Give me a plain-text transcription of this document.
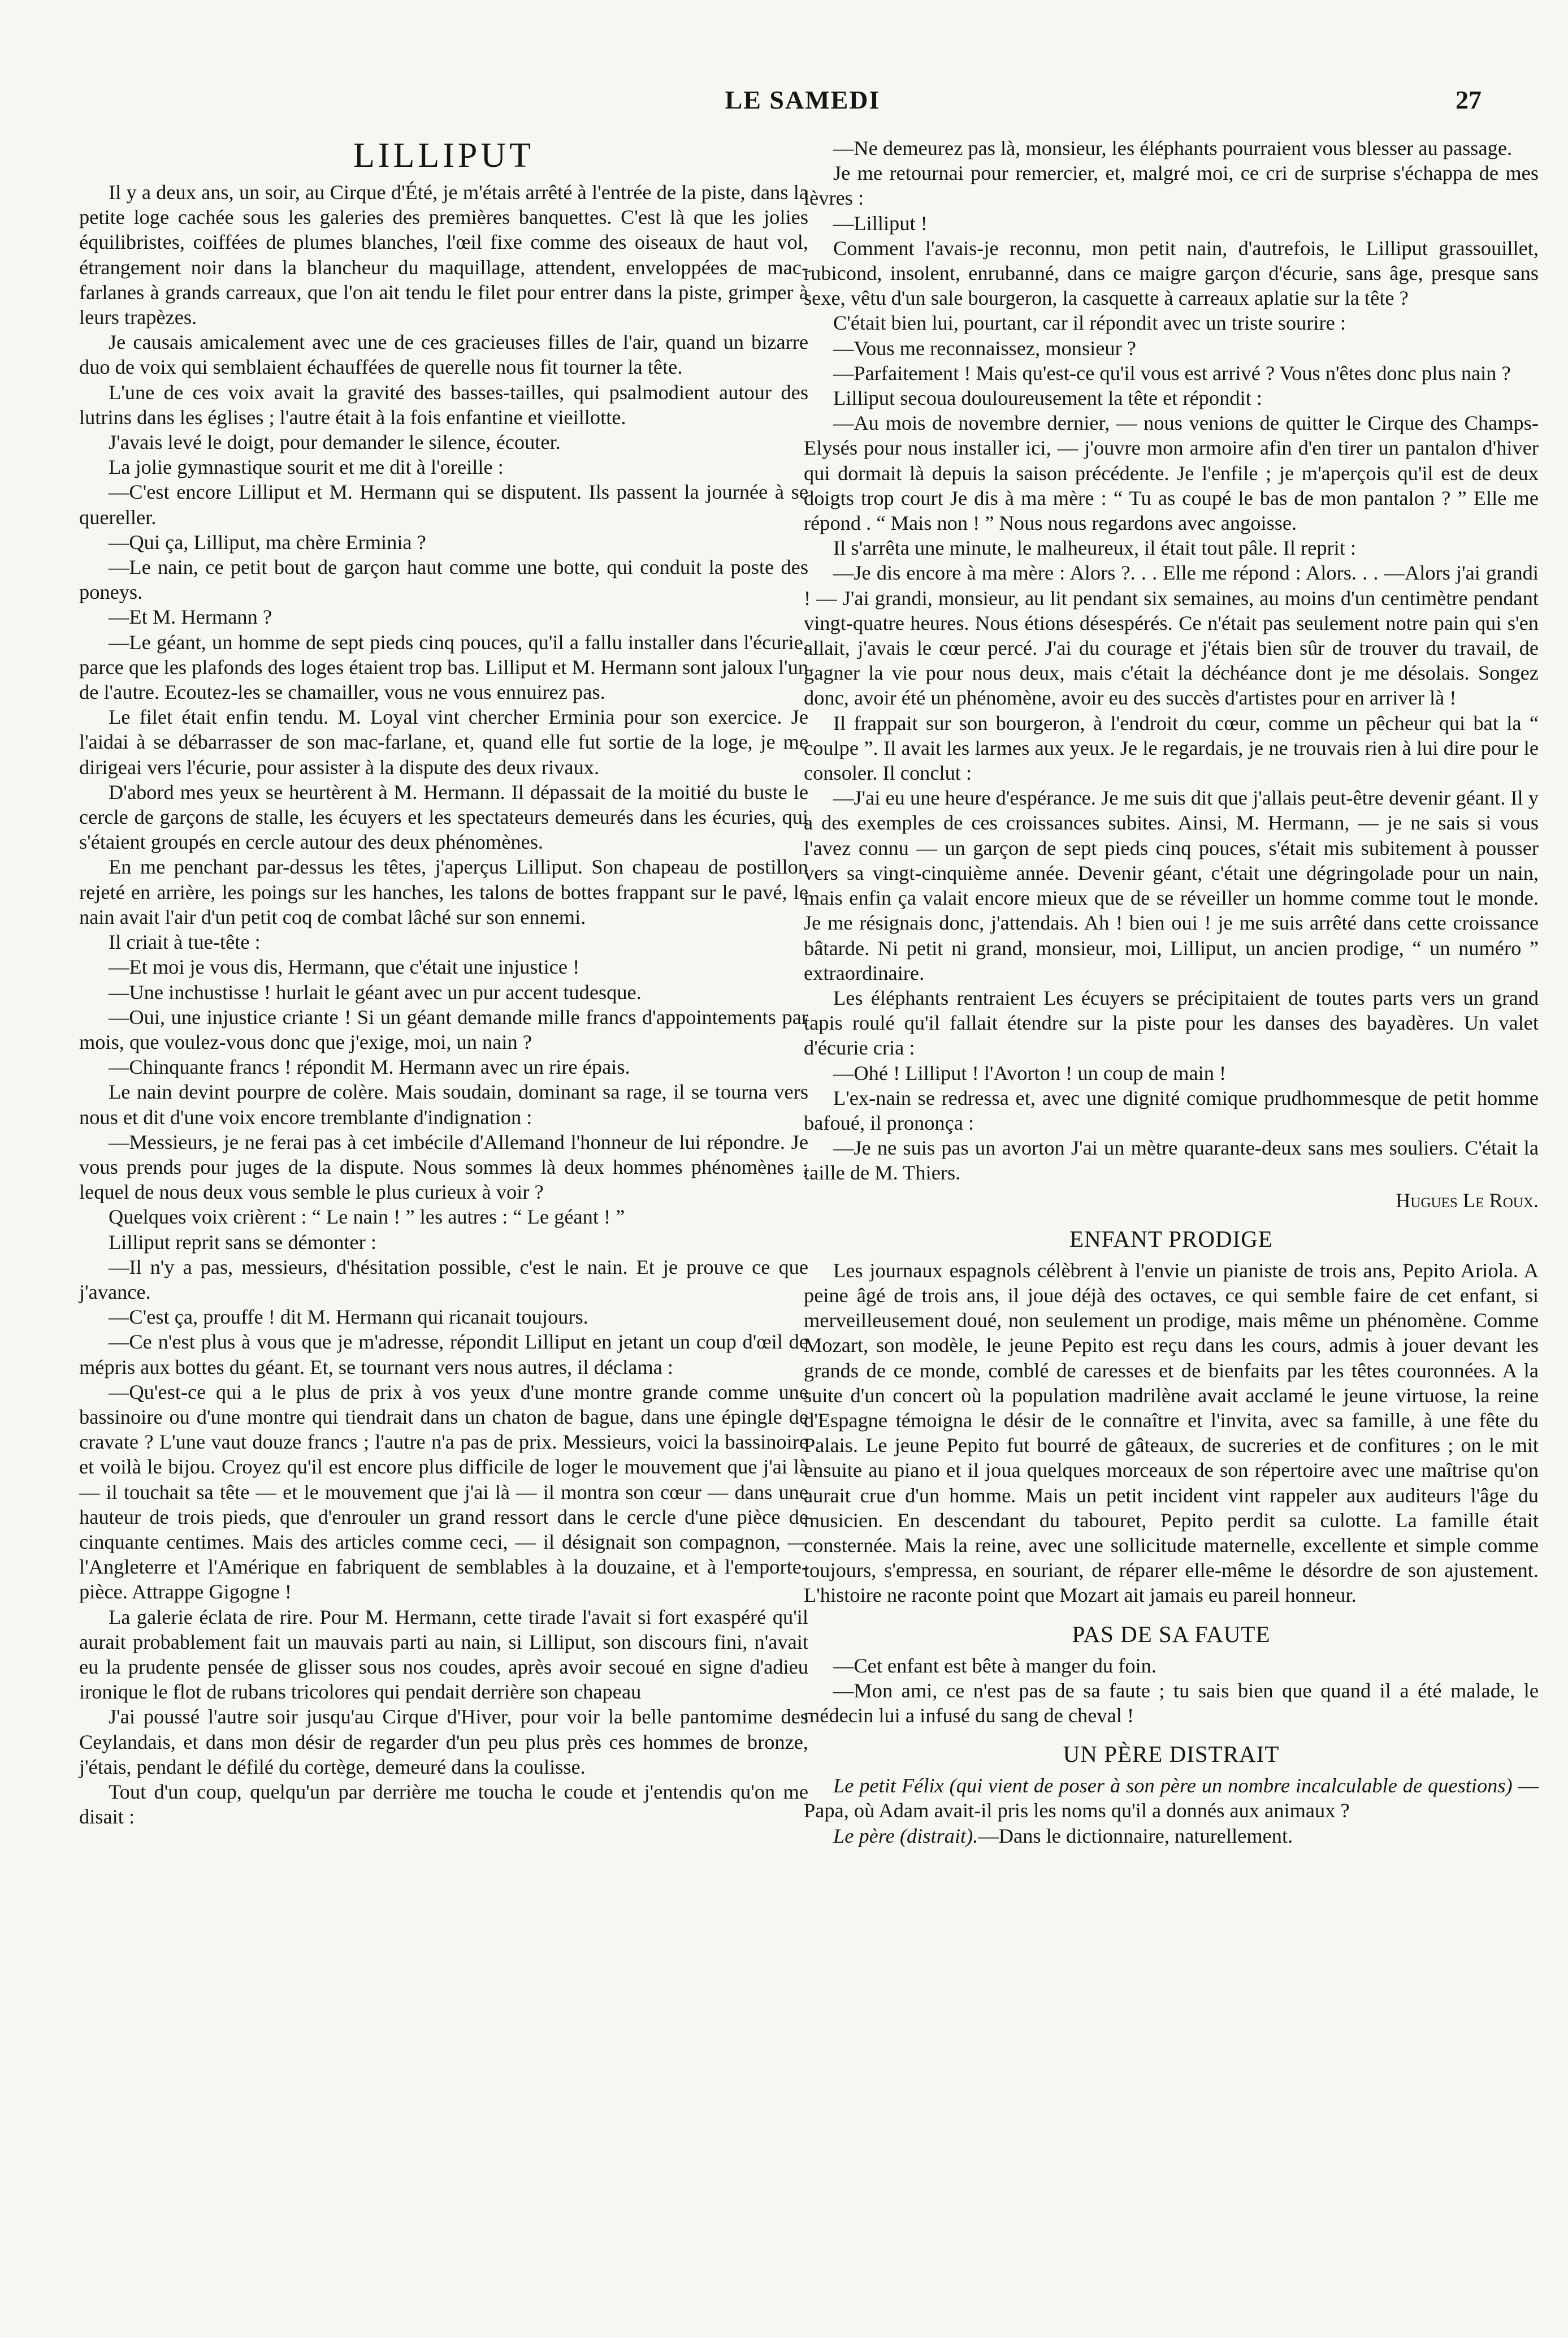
LE SAMEDI	27
LILLIPUT

Il y a deux ans, un soir, au Cirque d'Été, je m'étais arrêté à l'entrée de la piste, dans la petite loge cachée sous les galeries des premières banquettes. C'est là que les jolies équilibristes, coiffées de plumes blanches, l'œil fixe comme des oiseaux de haut vol, étrangement noir dans la blancheur du maquillage, attendent, enveloppées de mac-farlanes à grands carreaux, que l'on ait tendu le filet pour entrer dans la piste, grimper à leurs trapèzes.

Je causais amicalement avec une de ces gracieuses filles de l'air, quand un bizarre duo de voix qui semblaient échauffées de querelle nous fit tourner la tête.

L'une de ces voix avait la gravité des basses-tailles, qui psalmodient autour des lutrins dans les églises ; l'autre était à la fois enfantine et vieillotte.

J'avais levé le doigt, pour demander le silence, écouter.

La jolie gymnastique sourit et me dit à l'oreille :

—C'est encore Lilliput et M. Hermann qui se disputent. Ils passent la journée à se quereller.

—Qui ça, Lilliput, ma chère Erminia ?

—Le nain, ce petit bout de garçon haut comme une botte, qui conduit la poste des poneys.

—Et M. Hermann ?

—Le géant, un homme de sept pieds cinq pouces, qu'il a fallu installer dans l'écurie, parce que les plafonds des loges étaient trop bas. Lilliput et M. Hermann sont jaloux l'un de l'autre. Ecoutez-les se chamailler, vous ne vous ennuirez pas.

Le filet était enfin tendu. M. Loyal vint chercher Erminia pour son exercice. Je l'aidai à se débarrasser de son mac-farlane, et, quand elle fut sortie de la loge, je me dirigeai vers l'écurie, pour assister à la dispute des deux rivaux.

D'abord mes yeux se heurtèrent à M. Hermann. Il dépassait de la moitié du buste le cercle de garçons de stalle, les écuyers et les spectateurs demeurés dans les écuries, qui s'étaient groupés en cercle autour des deux phénomènes.

En me penchant par-dessus les têtes, j'aperçus Lilliput. Son chapeau de postillon rejeté en arrière, les poings sur les hanches, les talons de bottes frappant sur le pavé, le nain avait l'air d'un petit coq de combat lâché sur son ennemi.

Il criait à tue-tête :

—Et moi je vous dis, Hermann, que c'était une injustice !

—Une inchustisse ! hurlait le géant avec un pur accent tudesque.

—Oui, une injustice criante ! Si un géant demande mille francs d'appointements par mois, que voulez-vous donc que j'exige, moi, un nain ?

—Chinquante francs ! répondit M. Hermann avec un rire épais.

Le nain devint pourpre de colère. Mais soudain, dominant sa rage, il se tourna vers nous et dit d'une voix encore tremblante d'indignation :

—Messieurs, je ne ferai pas à cet imbécile d'Allemand l'honneur de lui répondre. Je vous prends pour juges de la dispute. Nous sommes là deux hommes phénomènes ; lequel de nous deux vous semble le plus curieux à voir ?

Quelques voix crièrent : “ Le nain ! ” les autres : “ Le géant ! ”

Lilliput reprit sans se démonter :

—Il n'y a pas, messieurs, d'hésitation possible, c'est le nain. Et je prouve ce que j'avance.

—C'est ça, prouffe ! dit M. Hermann qui ricanait toujours.

—Ce n'est plus à vous que je m'adresse, répondit Lilliput en jetant un coup d'œil de mépris aux bottes du géant. Et, se tournant vers nous autres, il déclama :

—Qu'est-ce qui a le plus de prix à vos yeux d'une montre grande comme une bassinoire ou d'une montre qui tiendrait dans un chaton de bague, dans une épingle de cravate ? L'une vaut douze francs ; l'autre n'a pas de prix. Messieurs, voici la bassinoire et voilà le bijou. Croyez qu'il est encore plus difficile de loger le mouvement que j'ai là — il touchait sa tête — et le mouvement que j'ai là — il montra son cœur — dans une hauteur de trois pieds, que d'enrouler un grand ressort dans le cercle d'une pièce de cinquante centimes. Mais des articles comme ceci, — il désignait son compagnon, — l'Angleterre et l'Amérique en fabriquent de semblables à la douzaine, et à l'emporte-pièce. Attrappe Gigogne !

La galerie éclata de rire. Pour M. Hermann, cette tirade l'avait si fort exaspéré qu'il aurait probablement fait un mauvais parti au nain, si Lilliput, son discours fini, n'avait eu la prudente pensée de glisser sous nos coudes, après avoir secoué en signe d'adieu ironique le flot de rubans tricolores qui pendait derrière son chapeau

J'ai poussé l'autre soir jusqu'au Cirque d'Hiver, pour voir la belle pantomime des Ceylandais, et dans mon désir de regarder d'un peu plus près ces hommes de bronze, j'étais, pendant le défilé du cortège, demeuré dans la coulisse.

Tout d'un coup, quelqu'un par derrière me toucha le coude et j'entendis qu'on me disait :

—Ne demeurez pas là, monsieur, les éléphants pourraient vous blesser au passage.

Je me retournai pour remercier, et, malgré moi, ce cri de surprise s'échappa de mes lèvres :

—Lilliput !

Comment l'avais-je reconnu, mon petit nain, d'autrefois, le Lilliput grassouillet, rubicond, insolent, enrubanné, dans ce maigre garçon d'écurie, sans âge, presque sans sexe, vêtu d'un sale bourgeron, la casquette à carreaux aplatie sur la tête ?

C'était bien lui, pourtant, car il répondit avec un triste sourire :

—Vous me reconnaissez, monsieur ?

—Parfaitement ! Mais qu'est-ce qu'il vous est arrivé ? Vous n'êtes donc plus nain ?

Lilliput secoua douloureusement la tête et répondit :

—Au mois de novembre dernier, — nous venions de quitter le Cirque des Champs-Elysés pour nous installer ici, — j'ouvre mon armoire afin d'en tirer un pantalon d'hiver qui dormait là depuis la saison précédente. Je l'enfile ; je m'aperçois qu'il est de deux doigts trop court Je dis à ma mère : “ Tu as coupé le bas de mon pantalon ? ” Elle me répond . “ Mais non ! ” Nous nous regardons avec angoisse.

Il s'arrêta une minute, le malheureux, il était tout pâle. Il reprit :

—Je dis encore à ma mère : Alors ?. . . Elle me répond : Alors. . . —Alors j'ai grandi ! — J'ai grandi, monsieur, au lit pendant six semaines, au moins d'un centimètre pendant vingt-quatre heures. Nous étions désespérés. Ce n'était pas seulement notre pain qui s'en allait, j'avais le cœur percé. J'ai du courage et j'étais bien sûr de trouver du travail, de gagner la vie pour nous deux, mais c'était la déchéance dont je me désolais. Songez donc, avoir été un phénomène, avoir eu des succès d'artistes pour en arriver là !

Il frappait sur son bourgeron, à l'endroit du cœur, comme un pêcheur qui bat la “ coulpe ”. Il avait les larmes aux yeux. Je le regardais, je ne trouvais rien à lui dire pour le consoler. Il conclut :

—J'ai eu une heure d'espérance. Je me suis dit que j'allais peut-être devenir géant. Il y a des exemples de ces croissances subites. Ainsi, M. Hermann, — je ne sais si vous l'avez connu — un garçon de sept pieds cinq pouces, s'était mis subitement à pousser vers sa vingt-cinquième année. Devenir géant, c'était une dégringolade pour un nain, mais enfin ça valait encore mieux que de se réveiller un homme comme tout le monde. Je me résignais donc, j'attendais. Ah ! bien oui ! je me suis arrêté dans cette croissance bâtarde. Ni petit ni grand, monsieur, moi, Lilliput, un ancien prodige, “ un numéro ” extraordinaire.

Les éléphants rentraient Les écuyers se précipitaient de toutes parts vers un grand tapis roulé qu'il fallait étendre sur la piste pour les danses des bayadères. Un valet d'écurie cria :

—Ohé ! Lilliput ! l'Avorton ! un coup de main !

L'ex-nain se redressa et, avec une dignité comique prudhommesque de petit homme bafoué, il prononça :

—Je ne suis pas un avorton J'ai un mètre quarante-deux sans mes souliers. C'était la taille de M. Thiers.

Hugues Le Roux.
ENFANT PRODIGE

Les journaux espagnols célèbrent à l'envie un pianiste de trois ans, Pepito Ariola. A peine âgé de trois ans, il joue déjà des octaves, ce qui semble faire de cet enfant, si merveilleusement doué, non seulement un prodige, mais même un phénomène. Comme Mozart, son modèle, le jeune Pepito est reçu dans les cours, admis à jouer devant les grands de ce monde, comblé de caresses et de bienfaits par les têtes couronnées. A la suite d'un concert où la population madrilène avait acclamé le jeune virtuose, la reine d'Espagne témoigna le désir de le connaître et l'invita, avec sa famille, à une fête du Palais. Le jeune Pepito fut bourré de gâteaux, de sucreries et de confitures ; on le mit ensuite au piano et il joua quelques morceaux de son répertoire avec une maîtrise qu'on aurait crue d'un homme. Mais un petit incident vint rappeler aux auditeurs l'âge du musicien. En descendant du tabouret, Pepito perdit sa culotte. La famille était consternée. Mais la reine, avec une sollicitude maternelle, excellente et simple comme toujours, s'empressa, en souriant, de réparer elle-même le désordre de son ajustement. L'histoire ne raconte point que Mozart ait jamais eu pareil honneur.

PAS DE SA FAUTE

—Cet enfant est bête à manger du foin.

—Mon ami, ce n'est pas de sa faute ; tu sais bien que quand il a été malade, le médecin lui a infusé du sang de cheval !

UN PÈRE DISTRAIT

Le petit Félix (qui vient de poser à son père un nombre incalculable de questions) — Papa, où Adam avait-il pris les noms qu'il a donnés aux animaux ?

Le père (distrait).—Dans le dictionnaire, naturellement.
